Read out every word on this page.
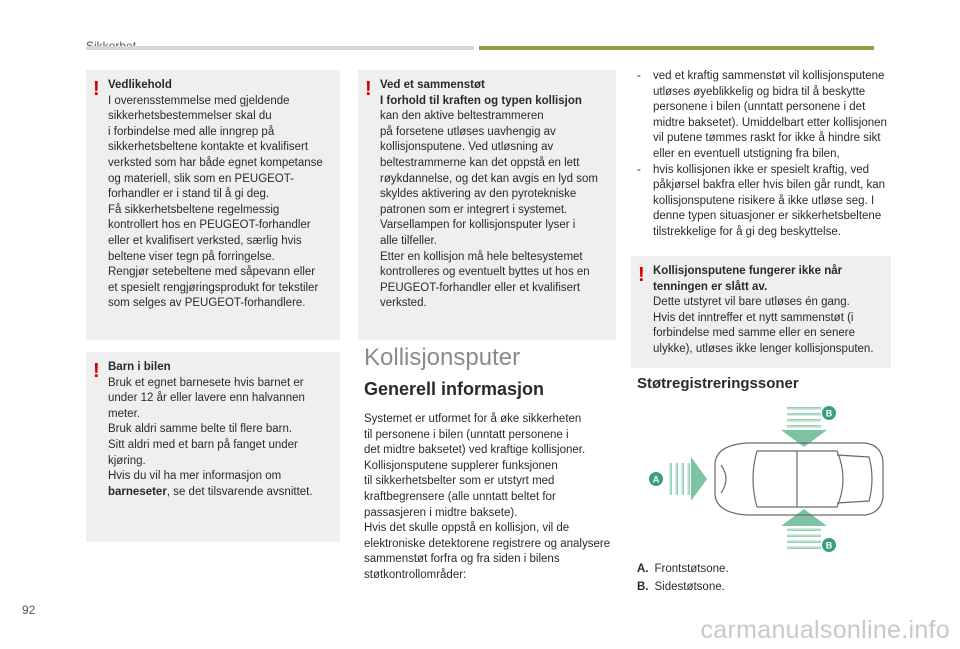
! Vedlikehold
I overensstemmelse med gjeldende
sikkerhetsbestemmelser skal du
i forbindelse med alle inngrep på
sikkerhetsbeltene kontakte et kvalifisert
verksted som har både egnet kompetanse
og materiell, slik som en PEUGEOT-
forhandler er i stand til å gi deg.
Få sikkerhetsbeltene regelmessig
kontrollert hos en PEUGEOT-forhandler
eller et kvalifisert verksted, særlig hvis
beltene viser tegn på forringelse.
Rengjør setebeltene med såpevann eller
et spesielt rengjøringsprodukt for tekstiler
som selges av PEUGEOT-forhandlere.
! Barn i bilen
Bruk et egnet barnesete hvis barnet er
under 12 år eller lavere enn halvannen
meter.
Bruk aldri samme belte til flere barn.
Sitt aldri med et barn på fanget under
kjøring.
Hvis du vil ha mer informasjon om
barneseter, se det tilsvarende avsnittet.
! Ved et sammenstøt
I forhold til kraften og typen kollisjon
kan den aktive beltestrammeren
på forsetene utløses uavhengig av
kollisjonsputene. Ved utløsning av
beltestrammerne kan det oppstå en lett
røykdannelse, og det kan avgis en lyd som
skyldes aktivering av den pyrotekniske
patronen som er integrert i systemet.
Varsellampen for kollisjonsputer lyser i
alle tilfeller.
Etter en kollisjon må hele beltesystemet
kontrolleres og eventuelt byttes ut hos en
PEUGEOT-forhandler eller et kvalifisert
verksted.
Kollisjonsputer
Generell informasjon
Systemet er utformet for å øke sikkerheten
til personene i bilen (unntatt personene i
det midtre baksetet) ved kraftige kollisjoner.
Kollisjonsputene supplerer funksjonen
til sikkerhetsbelter som er utstyrt med
kraftbegrensere (alle unntatt beltet for
passasjeren i midtre baksete).
Hvis det skulle oppstå en kollisjon, vil de
elektroniske detektorene registrere og analysere
sammenstøt forfra og fra siden i bilens
støtkontrollområder:
- ved et kraftig sammenstøt vil kollisjonsputene
utløses øyeblikkelig og bidra til å beskytte
personene i bilen (unntatt personene i det
midtre baksetet). Umiddelbart etter kollisjonen
vil putene tømmes raskt for ikke å hindre sikt
eller en eventuell utstigning fra bilen,
- hvis kollisjonen ikke er spesielt kraftig, ved
påkjørsel bakfra eller hvis bilen går rundt, kan
kollisjonsputene risikere å ikke utløse seg. I
denne typen situasjoner er sikkerhetsbeltene
tilstrekkelige for å gi deg beskyttelse.
! Kollisjonsputene fungerer ikke når
tenningen er slått av.
Dette utstyret vil bare utløses én gang.
Hvis det inntreffer et nytt sammenstøt (i
forbindelse med samme eller en senere
ulykke), utløses ikke lenger kollisjonsputen.
Støtregistreringssoner
B
A
B
A. Frontstøtsone.
B. Sidestøtsone.
92
carmanualsonline.info
